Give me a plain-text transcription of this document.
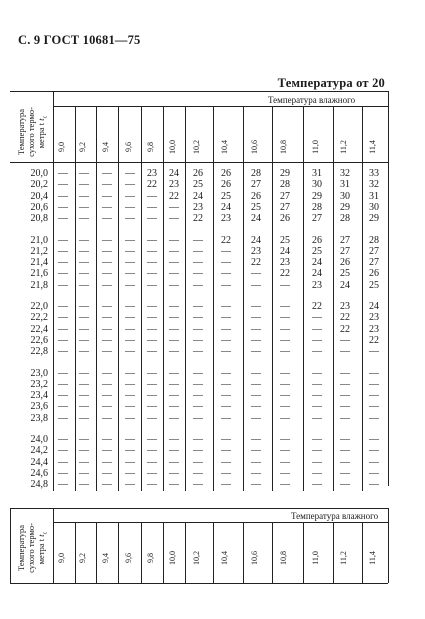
С. 9 ГОСТ 10681—75
Температура от 20
Температура влажного
Температура
сухого термо-
метра t $t_c$
9,0 9,2 9,4 9,6 9,8 10,0 10,2 10,4	10,6	10,8	11,0 11,2	11,4
20,0	—	—	—	—	23	24	26	26	28	29	31	32	33
20,2	—	—	—	—	22	23	25	26	27	28	30	31	32
20,4	—	—	—	—	—	22	24	25	26	27	29	30	31
20,6	—	—	—	—	—	—	23	24	25	27	28	29	30
20,8	—	—	—	—	—	—	22	23	24	26	27	28	29
21,0	—	—	—	—	—	—	—	22	24	25	26	27	28
21,2	—	—	—	—	—	—	—	—	23	24	25	27	27
21,4	—	—	—	—	—	—	—	—	22	23	24	26	27
21,6	—	—	—	—	—	—	—	—	—	22	24	25	26
21,8	—	—	—	—	—	—	—	—	—	—	23	24	25
22,0	—	—	—	—	—	—	—	—	—	—	22	23	24
22,2	—	—	—	—	—	—	—	—	—	—	—	22	23
22,4	—	—	—	—	—	—	—	—	—	—	—	22	23
22,6	—	—	—	—	—	—	—	—	—	—	—	—	22
22,8	—	—	—	—	—	—	—	—	—	—	—	—	—
23,0	—	—	—	—	—	—	—	—	—	—	—	—	—
23,2	—	—	—	—	—	—	—	—	—	—	—	—	—
23,4	—	—	—	—	—	—	—	—	—	—	—	—	—
23,6	—	—	—	—	—	—	—	—	—	—	—	—	—
23,8	—	—	—	—	—	—	—	—	—	—	—	—	—
24,0	—	—	—	—	—	—	—	—	—	—	—	—	—
24,2	—	—	—	—	—	—	—	—	—	—	—	—	—
24,4	—	—	—	—	—	—	—	—	—	—	—	—	—
24,6	—	—	—	—	—	—	—	—	—	—	—	—	—
24,8	—	—	—	—	—	—	—	—	—	—	—	—	—
Температура влажного
Температура
сухого термо-
метра t $t_c$
9,0 9,2 9,4 9,6 9,8 10,0 10,2 10,4	10,6	10,8	11,0 11,2	11,4
